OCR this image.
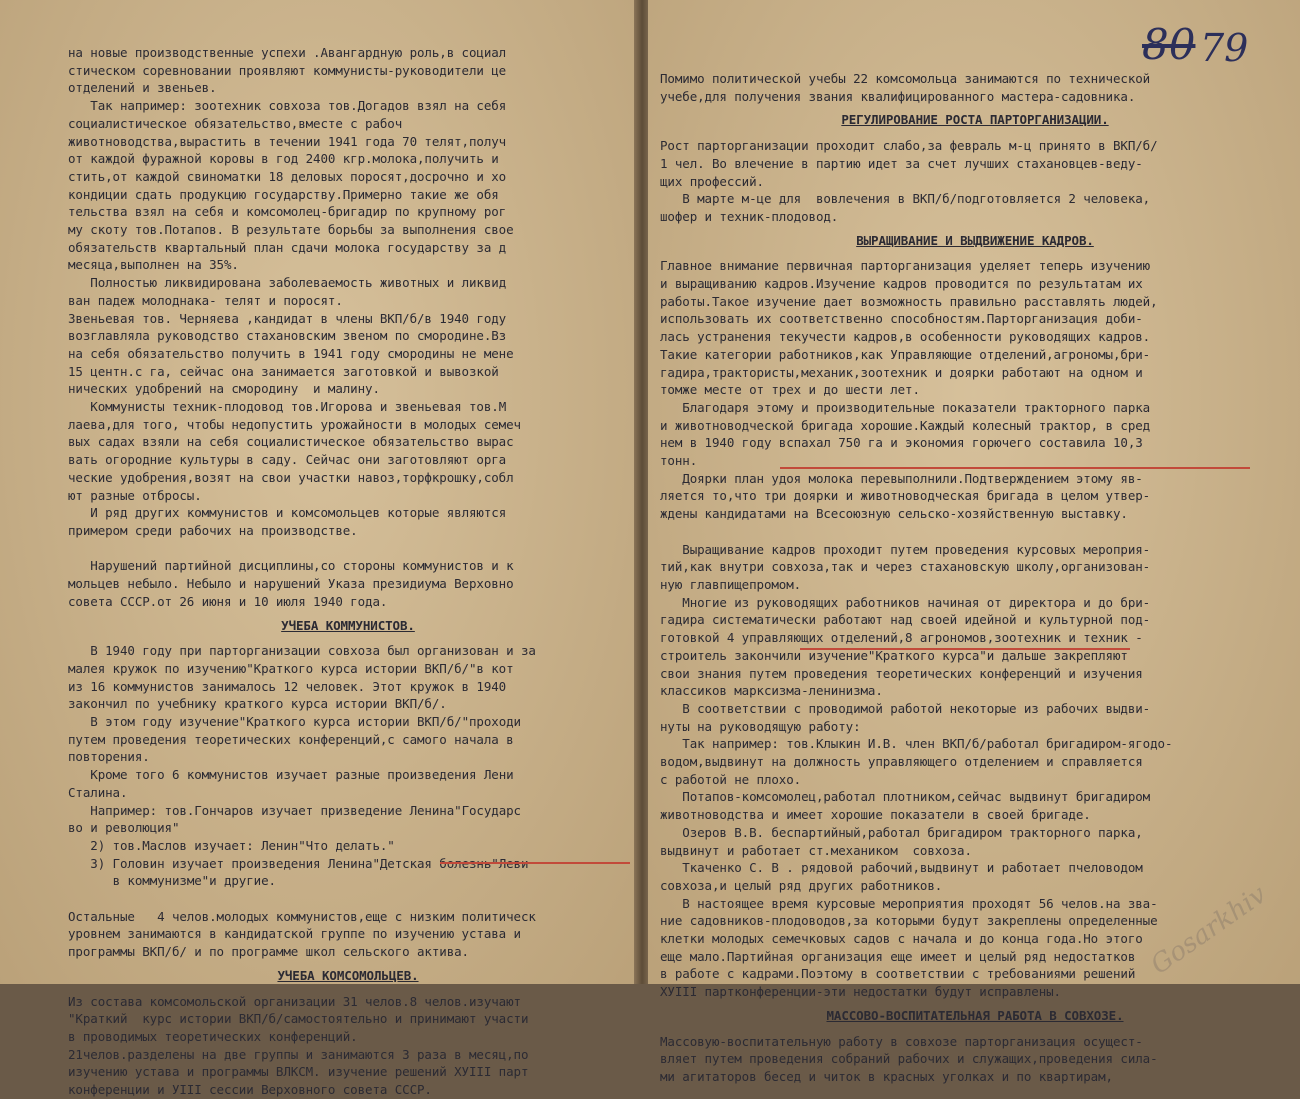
на новые производственные успехи .Авангардную роль,в социал

стическом соревновании проявляют коммунисты-руководители це

отделений и звеньев.

Так например: зоотехник совхоза тов.Догадов взял на себя

социалистическое обязательство,вместе с рабоч

животноводства,вырастить в течении 1941 года 70 телят,получ

от каждой фуражной коровы в год 2400 кгр.молока,получить и

стить,от каждой свиноматки 18 деловых поросят,досрочно и хо

кондиции сдать продукцию государству.Примерно такие же обя

тельства взял на себя и комсомолец-бригадир по крупному рог

му скоту тов.Потапов. В результате борьбы за выполнения свое

обязательств квартальный план сдачи молока государству за д

месяца,выполнен на 35%.

Полностью ликвидирована заболеваемость животных и ликвид

ван падеж молоднака- телят и поросят.

Звеньевая тов. Черняева ,кандидат в члены ВКП/б/в 1940 году

возглавляла руководство стахановским звеном по смородине.Вз

на себя обязательство получить в 1941 году смородины не мене

15 центн.с га, сейчас она занимается заготовкой и вывозкой

нических удобрений на смородину  и малину.

Коммунисты техник-плодовод тов.Игорова и звеньевая тов.М

лаева,для того, чтобы недопустить урожайности в молодых семеч

вых садах взяли на себя социалистическое обязательство вырас

вать огородние культуры в саду. Сейчас они заготовляют орга

ческие удобрения,возят на свои участки навоз,торфкрошку,собл

ют разные отбросы.

И ряд других коммунистов и комсомольцев которые являются

примером среди рабочих на производстве.

Нарушений партийной дисциплины,со стороны коммунистов и к

мольцев небыло. Небыло и нарушений Указа президиума Верховно

совета СССР.от 26 июня и 10 июля 1940 года.

УЧЕБА КОММУНИСТОВ.

В 1940 году при парторганизации совхоза был организован и за

малея кружок по изучению"Краткого курса истории ВКП/б/"в кот

из 16 коммунистов занималось 12 человек. Этот кружок в 1940

закончил по учебнику краткого курса истории ВКП/б/.

В этом году изучение"Краткого курса истории ВКП/б/"проходи

путем проведения теоретических конференций,с самого начала в

повторения.

Кроме того 6 коммунистов изучает разные произведения Лени

Сталина.

Например: тов.Гончаров изучает призведение Ленина"Государс

во и революция"

2) тов.Маслов изучает: Ленин"Что делать."

3) Головин изучает произведения Ленина"Детская болезнь"Леви

в коммунизме"и другие.

Остальные   4 челов.молодых коммунистов,еще с низким политическ

уровнем занимаются в кандидатской группе по изучению устава и

программы ВКП/б/ и по программе школ сельского актива.

УЧЕБА КОМСОМОЛЬЦЕВ.

Из состава комсомольской организации 31 челов.8 челов.изучают

"Краткий  курс истории ВКП/б/самостоятельно и принимают участи

в проводимых теоретических конференций.

21челов.разделены на две группы и занимаются 3 раза в месяц,по

изучению устава и программы ВЛКСМ. изучение решений ХУIII парт

конференции и УIII сессии Верховного совета СССР.

Помимо политической учебы 22 комсомольца занимаются по технической

учебе,для получения звания квалифицированного мастера-садовника.

РЕГУЛИРОВАНИЕ РОСТА ПАРТОРГАНИЗАЦИИ.

Рост парторганизации проходит слабо,за февраль м-ц принято в ВКП/б/

1 чел. Во влечение в партию идет за счет лучших стахановцев-веду-

щих профессий.

В марте м-це для  вовлечения в ВКП/б/подготовляется 2 человека,

шофер и техник-плодовод.

ВЫРАЩИВАНИЕ И ВЫДВИЖЕНИЕ КАДРОВ.

Главное внимание первичная парторганизация уделяет теперь изучению

и выращиванию кадров.Изучение кадров проводится по результатам их

работы.Такое изучение дает возможность правильно расставлять людей,

использовать их соответственно способностям.Парторганизация доби-

лась устранения текучести кадров,в особенности руководящих кадров.

Такие категории работников,как Управляющие отделений,агрономы,бри-

гадира,трактористы,механик,зоотехник и доярки работают на одном и

томже месте от трех и до шести лет.

Благодаря этому и производительные показатели тракторного парка

и животноводческой бригада хорошие.Каждый колесный трактор, в сред

нем в 1940 году вспахал 750 га и экономия горючего составила 10,3

тонн.

Доярки план удоя молока перевыполнили.Подтверждением этому яв-

ляется то,что три доярки и животноводческая бригада в целом утвер-

ждены кандидатами на Всесоюзную сельско-хозяйственную выставку.

Выращивание кадров проходит путем проведения курсовых мероприя-

тий,как внутри совхоза,так и через стахановскую школу,организован-

ную главпищепромом.

Многие из руководящих работников начиная от директора и до бри-

гадира систематически работают над своей идейной и культурной под-

готовкой 4 управляющих отделений,8 агрономов,зоотехник и техник -

строитель закончили изучение"Краткого курса"и дальше закрепляют

свои знания путем проведения теоретических конференций и изучения

классиков марксизма-ленинизма.

В соответствии с проводимой работой некоторые из рабочих выдви-

нуты на руководящую работу:

Так например: тов.Клыкин И.В. член ВКП/б/работал бригадиром-ягодо-

водом,выдвинут на должность управляющего отделением и справляется

с работой не плохо.

Потапов-комсомолец,работал плотником,сейчас выдвинут бригадиром

животноводства и имеет хорошие показатели в своей бригаде.

Озеров В.В. беспартийный,работал бригадиром тракторного парка,

выдвинут и работает ст.механиком  совхоза.

Ткаченко С. В . рядовой рабочий,выдвинут и работает пчеловодом

совхоза,и целый ряд других работников.

В настоящее время курсовые мероприятия проходят 56 челов.на зва-

ние садовников-плодоводов,за которыми будут закреплены определенные

клетки молодых семечковых садов с начала и до конца года.Но этого

еще мало.Партийная организация еще имеет и целый ряд недостатков

в работе с кадрами.Поэтому в соответствии с требованиями решений

ХУIII партконференции-эти недостатки будут исправлены.

МАССОВО-ВОСПИТАТЕЛЬНАЯ РАБОТА В СОВХОЗЕ.

Массовую-воспитательную работу в совхозе парторганизация осущест-

вляет путем проведения собраний рабочих и служащих,проведения сила-

ми агитаторов бесед и читок в красных уголках и по квартирам,

80 79
Gosarkhiv
